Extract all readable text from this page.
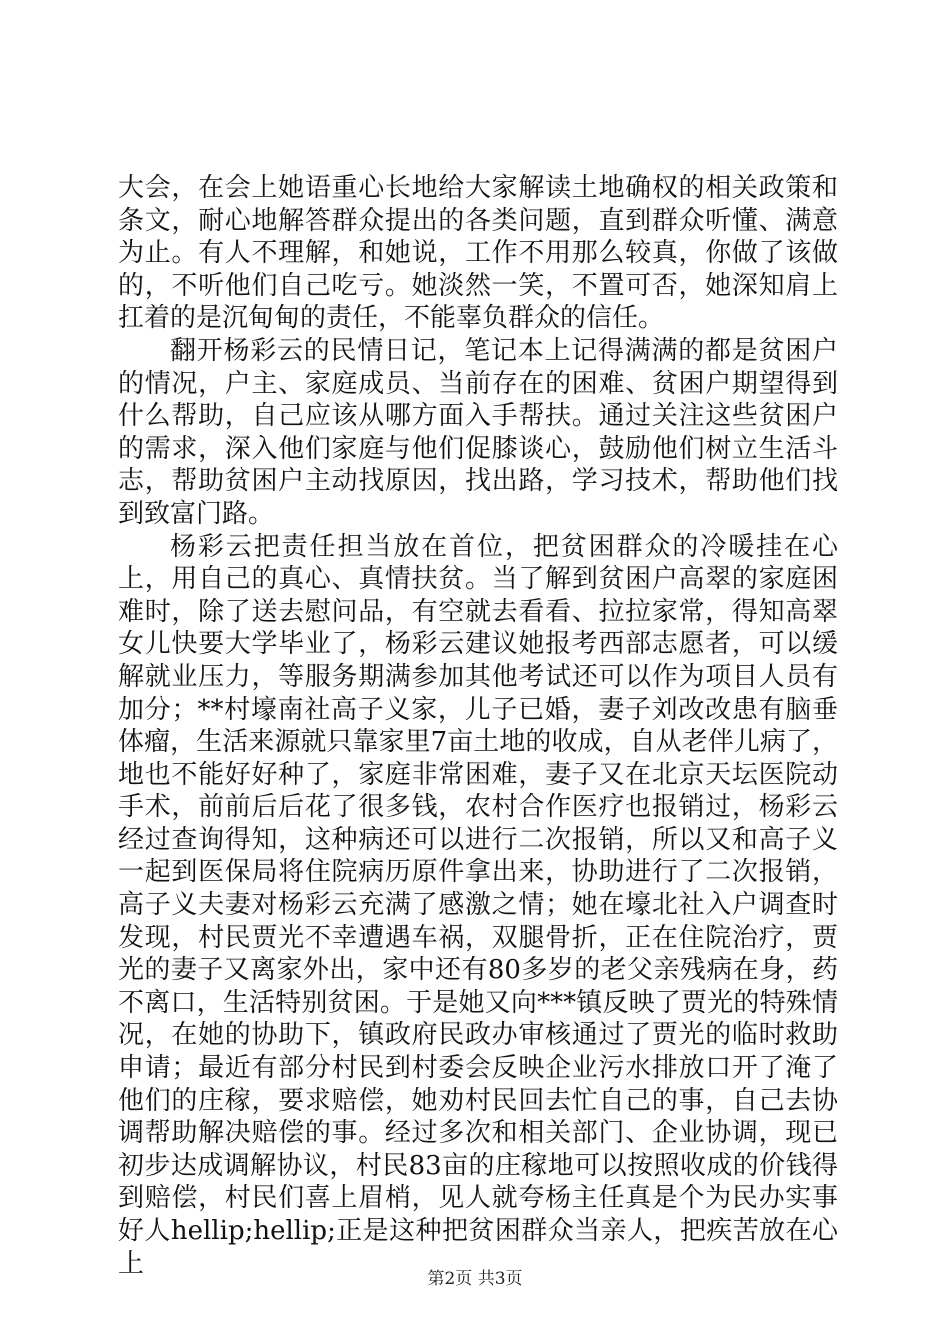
大会，在会上她语重心长地给大家解读土地确权的相关政策和条文，耐心地解答群众提出的各类问题，直到群众听懂、满意为止。有人不理解，和她说，工作不用那么较真，你做了该做的，不听他们自己吃亏。她淡然一笑，不置可否，她深知肩上扛着的是沉甸甸的责任，不能辜负群众的信任。

翻开杨彩云的民情日记，笔记本上记得满满的都是贫困户的情况，户主、家庭成员、当前存在的困难、贫困户期望得到什么帮助，自己应该从哪方面入手帮扶。通过关注这些贫困户的需求，深入他们家庭与他们促膝谈心，鼓励他们树立生活斗志，帮助贫困户主动找原因，找出路，学习技术，帮助他们找到致富门路。

杨彩云把责任担当放在首位，把贫困群众的冷暖挂在心上，用自己的真心、真情扶贫。当了解到贫困户高翠的家庭困难时，除了送去慰问品，有空就去看看、拉拉家常，得知高翠女儿快要大学毕业了，杨彩云建议她报考西部志愿者，可以缓解就业压力，等服务期满参加其他考试还可以作为项目人员有加分；**村壕南社高子义家，儿子已婚，妻子刘改改患有脑垂体瘤，生活来源就只靠家里7亩土地的收成，自从老伴儿病了，地也不能好好种了，家庭非常困难，妻子又在北京天坛医院动手术，前前后后花了很多钱，农村合作医疗也报销过，杨彩云经过查询得知，这种病还可以进行二次报销，所以又和高子义一起到医保局将住院病历原件拿出来，协助进行了二次报销，高子义夫妻对杨彩云充满了感激之情；她在壕北社入户调查时发现，村民贾光不幸遭遇车祸，双腿骨折，正在住院治疗，贾光的妻子又离家外出，家中还有80多岁的老父亲残病在身，药不离口，生活特别贫困。于是她又向***镇反映了贾光的特殊情况，在她的协助下，镇政府民政办审核通过了贾光的临时救助申请；最近有部分村民到村委会反映企业污水排放口开了淹了他们的庄稼，要求赔偿，她劝村民回去忙自己的事，自己去协调帮助解决赔偿的事。经过多次和相关部门、企业协调，现已初步达成调解协议，村民83亩的庄稼地可以按照收成的价钱得到赔偿，村民们喜上眉梢，见人就夸杨主任真是个为民办实事好人hellip;hellip;正是这种把贫困群众当亲人，把疾苦放在心上

第2页 共3页
